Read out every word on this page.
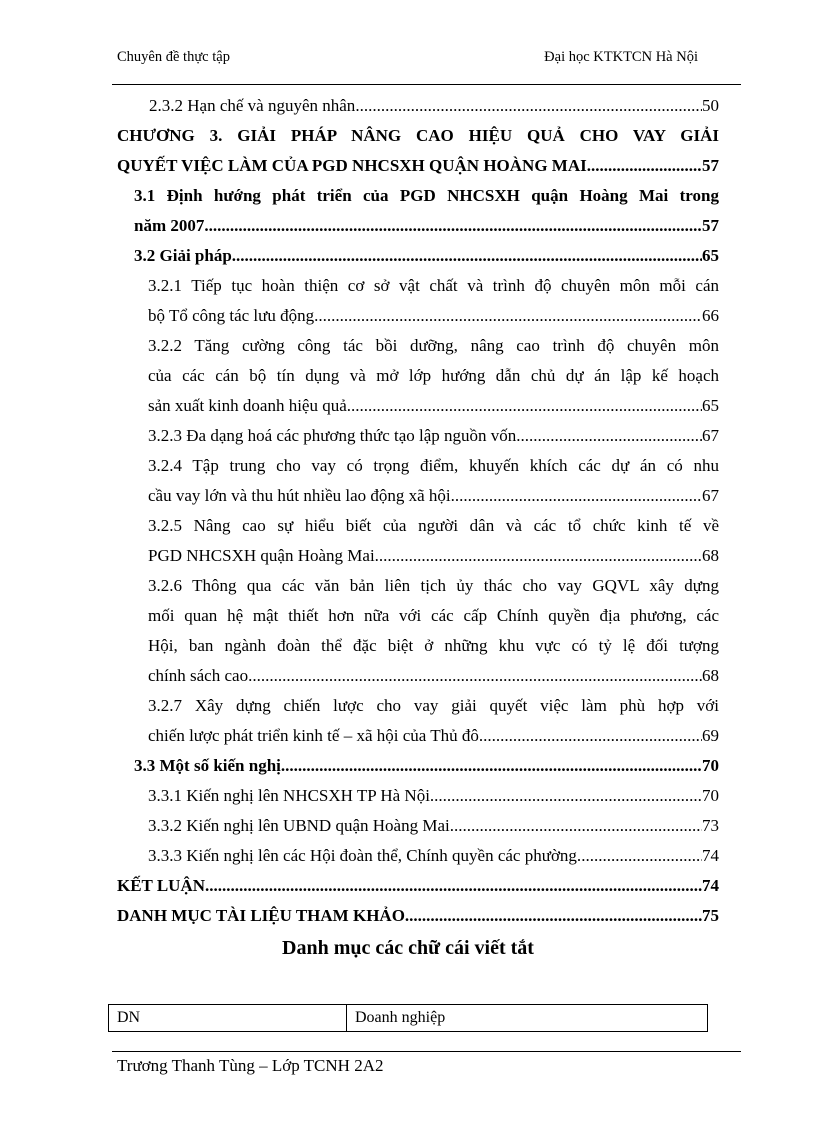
Chuyên đề thực tập	Đại học KTKTCN Hà Nội
2.3.2 Hạn chế và nguyên nhân .....	50
CHƯƠNG 3. GIẢI PHÁP NÂNG CAO HIỆU QUẢ CHO VAY GIẢI
QUYẾT VIỆC LÀM CỦA PGD NHCSXH QUẬN HOÀNG MAI .....	57
3.1 Định hướng phát triển của PGD NHCSXH quận Hoàng Mai trong
năm 2007 .....	57
3.2 Giải pháp. .....	65
3.2.1 Tiếp tục hoàn thiện cơ sở vật chất và trình độ chuyên môn mỗi cán
bộ Tổ công tác lưu động .....	66
3.2.2 Tăng cường công tác bồi dưỡng, nâng cao trình độ chuyên môn
của các cán bộ tín dụng và mở lớp hướng dẫn chủ dự án lập kế hoạch
sản xuất kinh doanh hiệu quả. .....	65
3.2.3 Đa dạng hoá các phương thức tạo lập nguồn vốn .....	67
3.2.4 Tập trung cho vay có trọng điểm, khuyến khích các dự án có nhu
cầu vay lớn và thu hút nhiều lao động xã hội. .....	67
3.2.5 Nâng cao sự hiểu biết của người dân và các tổ chức kinh tế về
PGD NHCSXH quận Hoàng Mai. .....	68
3.2.6 Thông qua các văn bản liên tịch ủy thác cho vay GQVL xây dựng
mối quan hệ mật thiết hơn nữa với các cấp Chính quyền địa phương, các
Hội, ban ngành đoàn thể đặc biệt ở những khu vực có tỷ lệ đối tượng
chính sách cao .....	68
3.2.7 Xây dựng chiến lược cho vay giải quyết việc làm phù hợp với
chiến lược phát triển kinh tế – xã hội của Thủ đô. .....	69
3.3 Một số kiến nghị. .....	70
3.3.1 Kiến nghị lên NHCSXH TP Hà Nội. .....	70
3.3.2 Kiến nghị lên UBND quận Hoàng Mai. .....	73
3.3.3 Kiến nghị lên các Hội đoàn thể, Chính quyền các phường. .....	74
KẾT LUẬN .....	74
DANH MỤC TÀI LIỆU THAM KHẢO .....	75
Danh mục các chữ cái viết tắt
DN	Doanh nghiệp
Trương Thanh Tùng – Lớp TCNH 2A2
